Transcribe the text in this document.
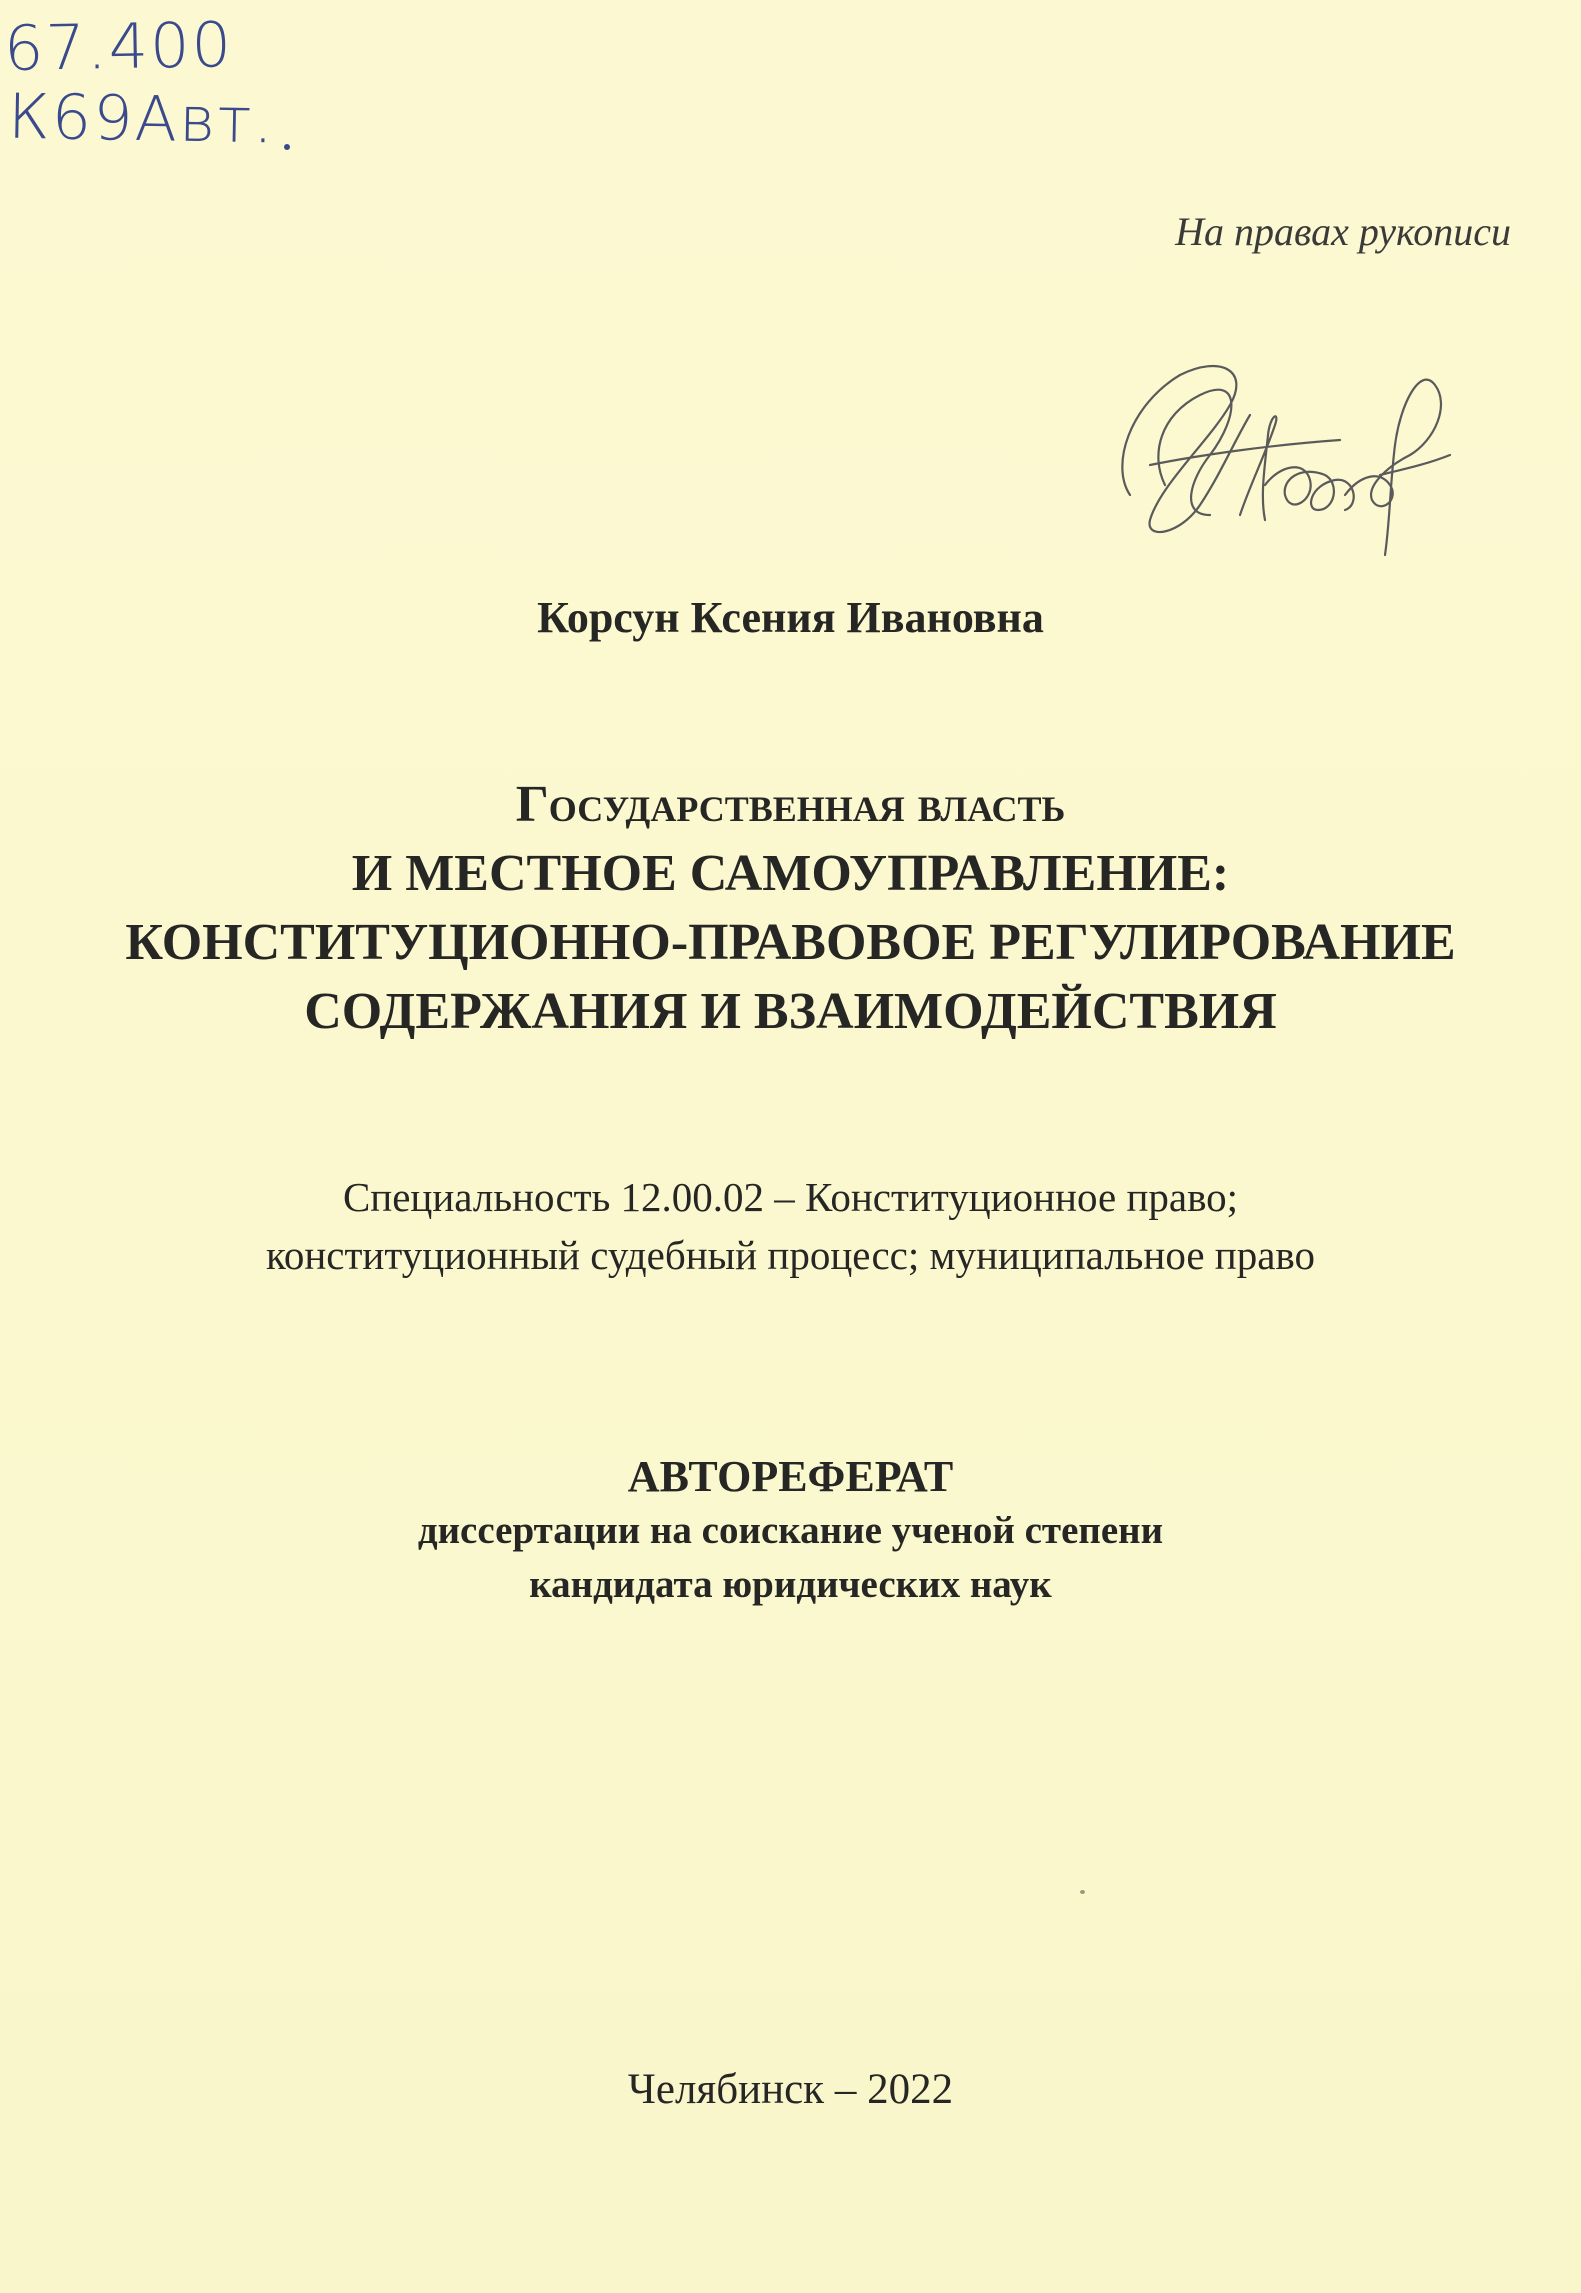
67.400
К69Авт.
На правах рукописи
Корсун Ксения Ивановна
Государственная власть
И МЕСТНОЕ САМОУПРАВЛЕНИЕ:
КОНСТИТУЦИОННО-ПРАВОВОЕ РЕГУЛИРОВАНИЕ
СОДЕРЖАНИЯ И ВЗАИМОДЕЙСТВИЯ
Специальность 12.00.02 – Конституционное право;
конституционный судебный процесс; муниципальное право
АВТОРЕФЕРАТ
диссертации на соискание ученой степени
кандидата юридических наук
Челябинск – 2022
